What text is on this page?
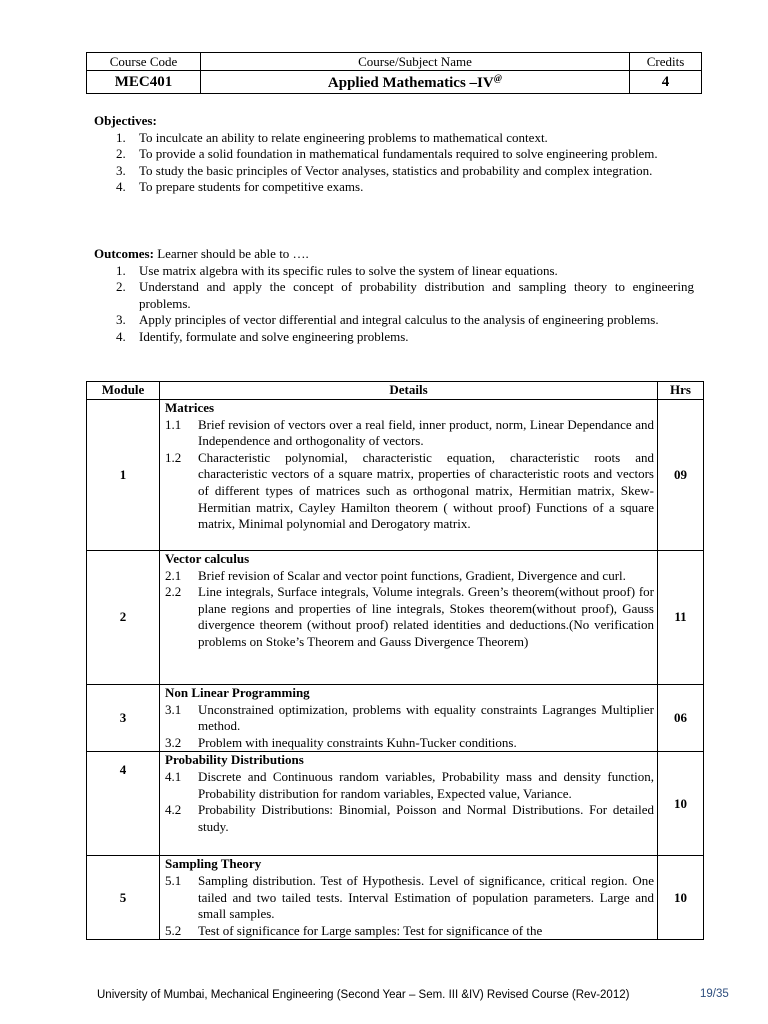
Course Code	Course/Subject Name	Credits
MEC401	Applied Mathematics –IV@	4
Objectives:
1. To inculcate an ability to relate engineering problems to mathematical context.
2. To provide a solid foundation in mathematical fundamentals required to solve engineering problem.
3. To study the basic principles of Vector analyses, statistics and probability and complex integration.
4. To prepare students for competitive exams.
Outcomes: Learner should be able to ….
1. Use matrix algebra with its specific rules to solve the system of linear equations.
2. Understand and apply the concept of probability distribution and sampling theory to engineering problems.
3. Apply principles of vector differential and integral calculus to the analysis of engineering problems.
4. Identify, formulate and solve engineering problems.
Module	Details	Hrs
1	Matrices
1.1 Brief revision of vectors over a real field, inner product, norm, Linear Dependance and Independence and orthogonality of vectors.
1.2 Characteristic polynomial, characteristic equation, characteristic roots and characteristic vectors of a square matrix, properties of characteristic roots and vectors of different types of matrices such as orthogonal matrix, Hermitian matrix, Skew-Hermitian matrix, Cayley Hamilton theorem ( without proof) Functions of a square matrix, Minimal polynomial and Derogatory matrix.	09
2	Vector calculus
2.1 Brief revision of Scalar and vector point functions, Gradient, Divergence and curl.
2.2 Line integrals, Surface integrals, Volume integrals. Green’s theorem(without proof) for plane regions and properties of line integrals, Stokes theorem(without proof), Gauss divergence theorem (without proof) related identities and deductions.(No verification problems on Stoke’s Theorem and Gauss Divergence Theorem)	11
3	Non Linear Programming
3.1 Unconstrained optimization, problems with equality constraints Lagranges Multiplier method.
3.2 Problem with inequality constraints Kuhn-Tucker conditions.	06
4	Probability Distributions
4.1 Discrete and Continuous random variables, Probability mass and density function, Probability distribution for random variables, Expected value, Variance.
4.2 Probability Distributions: Binomial, Poisson and Normal Distributions. For detailed study.	10
5	Sampling Theory
5.1 Sampling distribution. Test of Hypothesis. Level of significance, critical region. One tailed and two tailed tests. Interval Estimation of population parameters. Large and small samples.
5.2 Test of significance for Large samples: Test for significance of the	10
University of Mumbai, Mechanical Engineering (Second Year – Sem. III &IV) Revised Course (Rev-2012)	19/35
